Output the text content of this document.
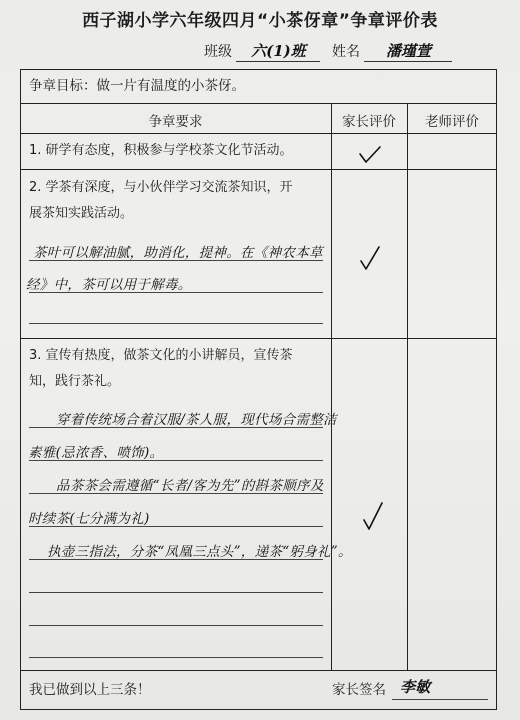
西子湖小学六年级四月“小茶伢章”争章评价表
班级 六(1)班	姓名 潘瑾萱
争章目标：做一片有温度的小茶伢。
争章要求	家长评价	老师评价
1. 研学有态度，积极参与学校茶文化节活动。
2. 学茶有深度，与小伙伴学习交流茶知识，开
展茶知实践活动。
茶叶可以解油腻，助消化，提神。在《神农本草
经》中，茶可以用于解毒。
3. 宣传有热度，做茶文化的小讲解员，宣传茶
知，践行茶礼。
穿着传统场合着汉服/茶人服，现代场合需整洁
素雅(忌浓香、喷饰)。
品茶茶会需遵循“长者/客为先”的斟茶顺序及
时续茶(七分满为礼)
执壶三指法，分茶“凤凰三点头”，递茶“躬身礼”。
我已做到以上三条！	家长签名 李敏
